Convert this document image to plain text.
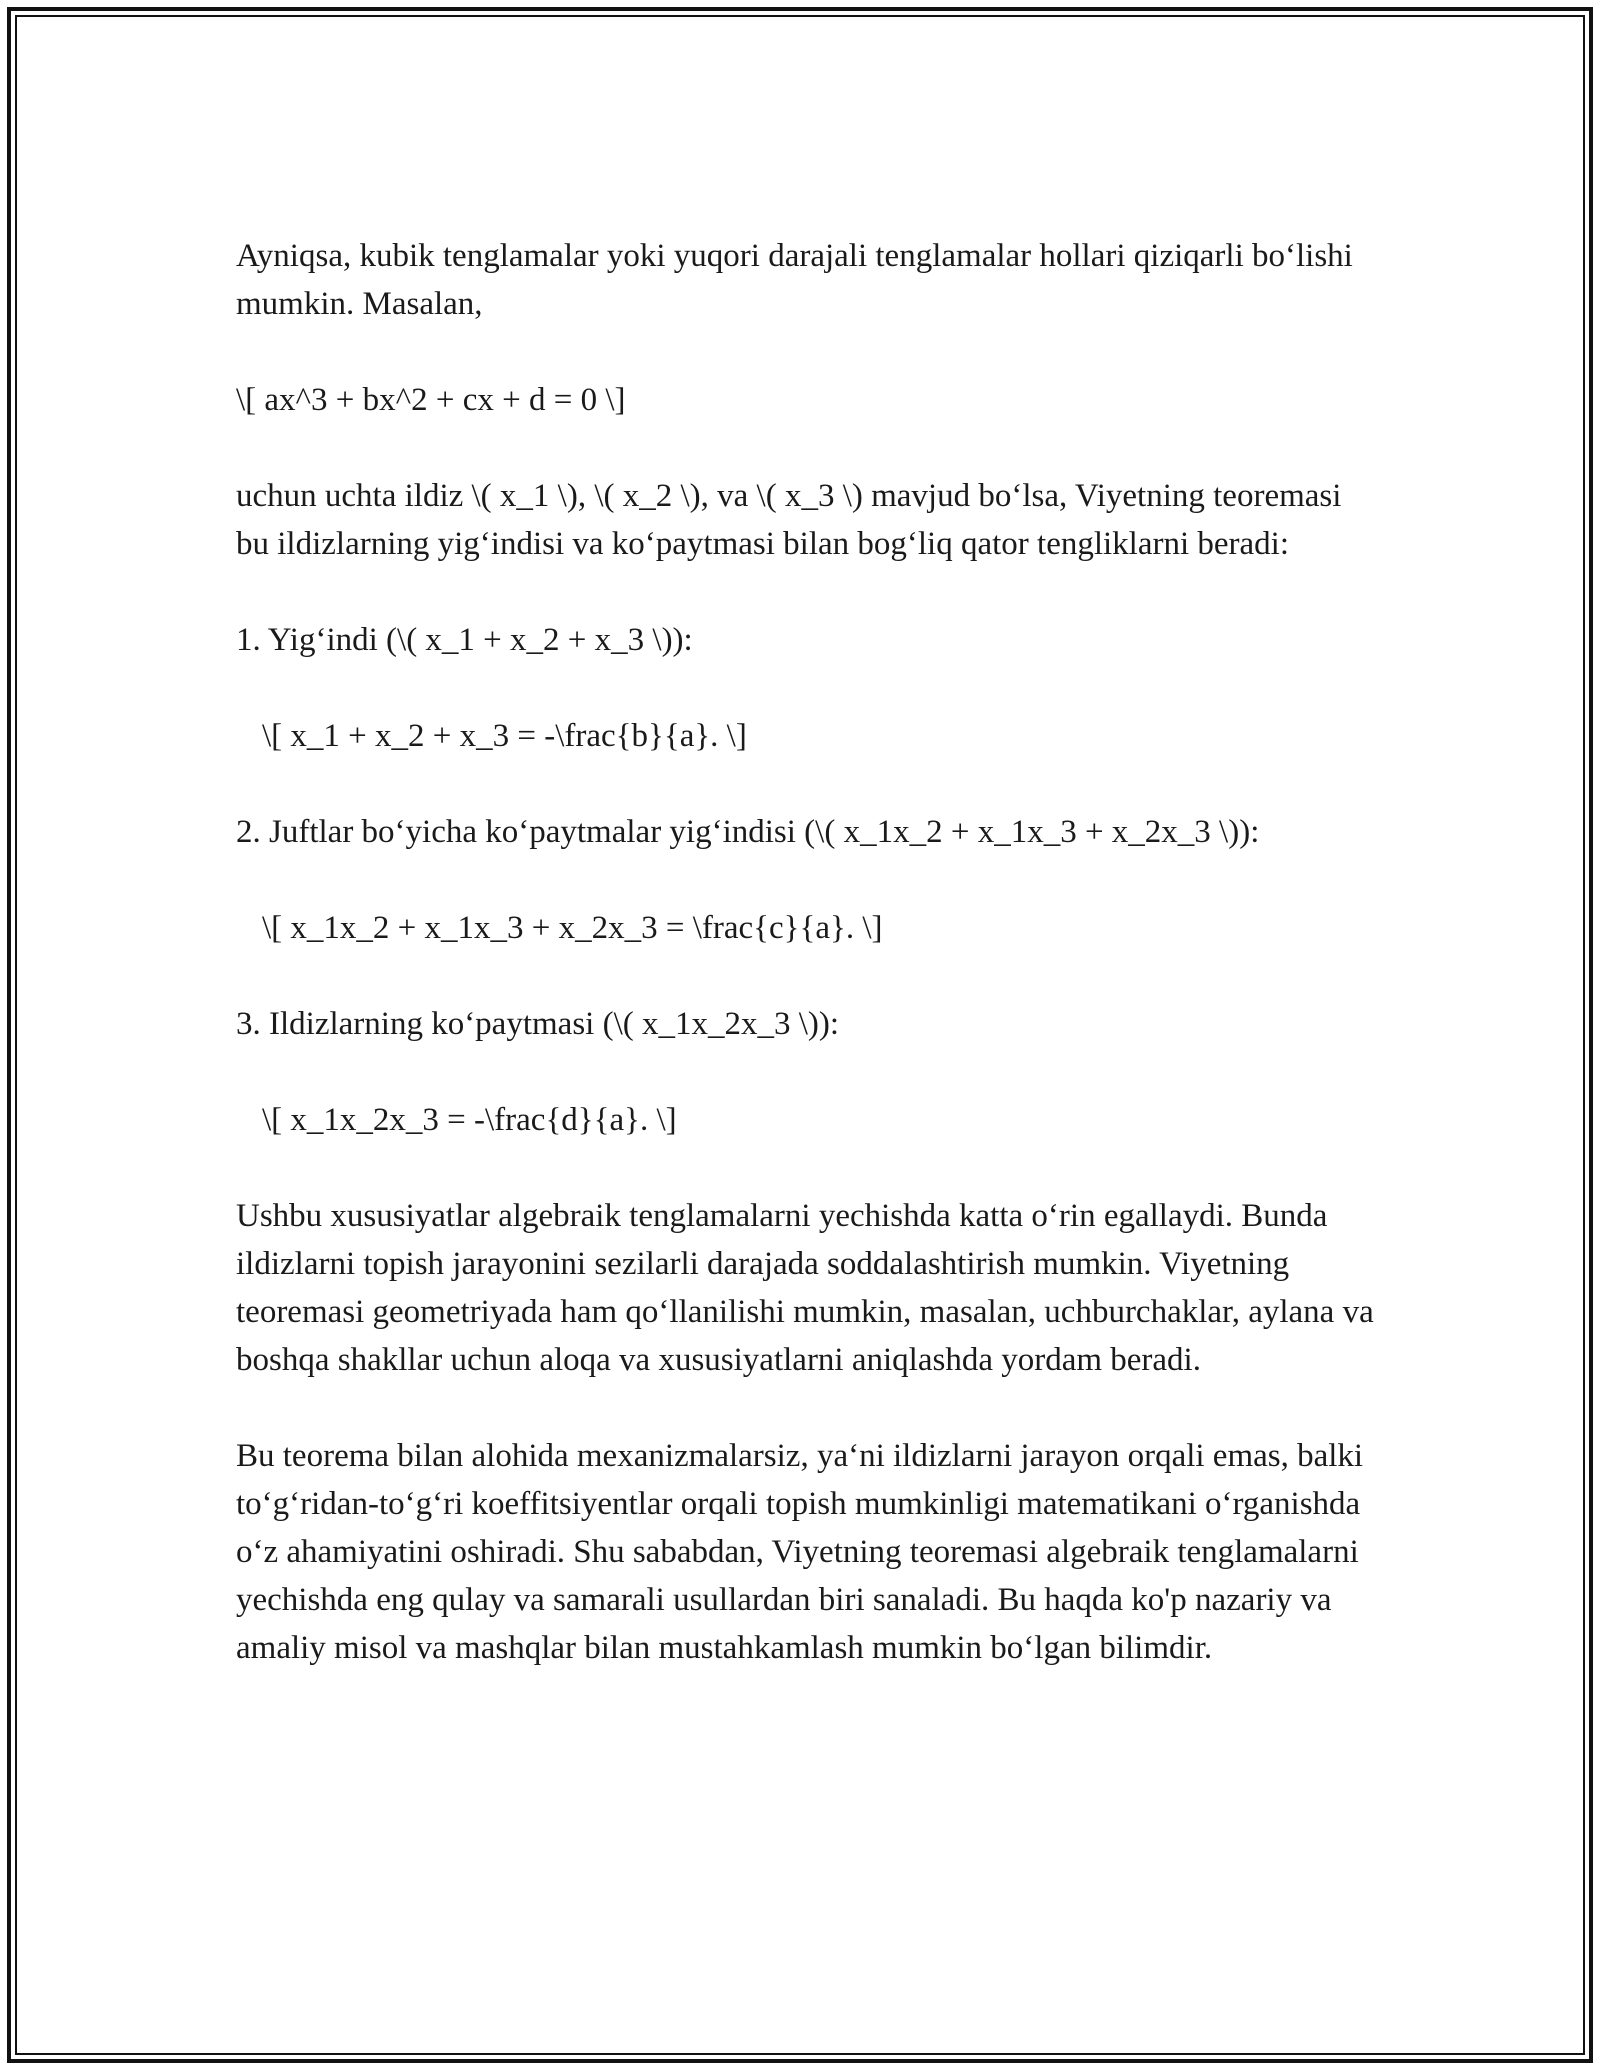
Ayniqsa, kubik tenglamalar yoki yuqori darajali tenglamalar hollari qiziqarli bo‘lishi mumkin. Masalan,

\[ ax^3 + bx^2 + cx + d = 0 \]

uchun uchta ildiz \( x_1 \), \( x_2 \), va \( x_3 \) mavjud bo‘lsa, Viyetning teoremasi bu ildizlarning yig‘indisi va ko‘paytmasi bilan bog‘liq qator tengliklarni beradi:

1. Yig‘indi (\( x_1 + x_2 + x_3 \)):

\[ x_1 + x_2 + x_3 = -\frac{b}{a}. \]

2. Juftlar bo‘yicha ko‘paytmalar yig‘indisi (\( x_1x_2 + x_1x_3 + x_2x_3 \)):

\[ x_1x_2 + x_1x_3 + x_2x_3 = \frac{c}{a}. \]

3. Ildizlarning ko‘paytmasi (\( x_1x_2x_3 \)):

\[ x_1x_2x_3 = -\frac{d}{a}. \]

Ushbu xususiyatlar algebraik tenglamalarni yechishda katta o‘rin egallaydi. Bunda ildizlarni topish jarayonini sezilarli darajada soddalashtirish mumkin. Viyetning teoremasi geometriyada ham qo‘llanilishi mumkin, masalan, uchburchaklar, aylana va boshqa shakllar uchun aloqa va xususiyatlarni aniqlashda yordam beradi.

Bu teorema bilan alohida mexanizmalarsiz, ya‘ni ildizlarni jarayon orqali emas, balki to‘g‘ridan-to‘g‘ri koeffitsiyentlar orqali topish mumkinligi matematikani o‘rganishda o‘z ahamiyatini oshiradi. Shu sababdan, Viyetning teoremasi algebraik tenglamalarni yechishda eng qulay va samarali usullardan biri sanaladi. Bu haqda ko'p nazariy va amaliy misol va mashqlar bilan mustahkamlash mumkin bo‘lgan bilimdir.
